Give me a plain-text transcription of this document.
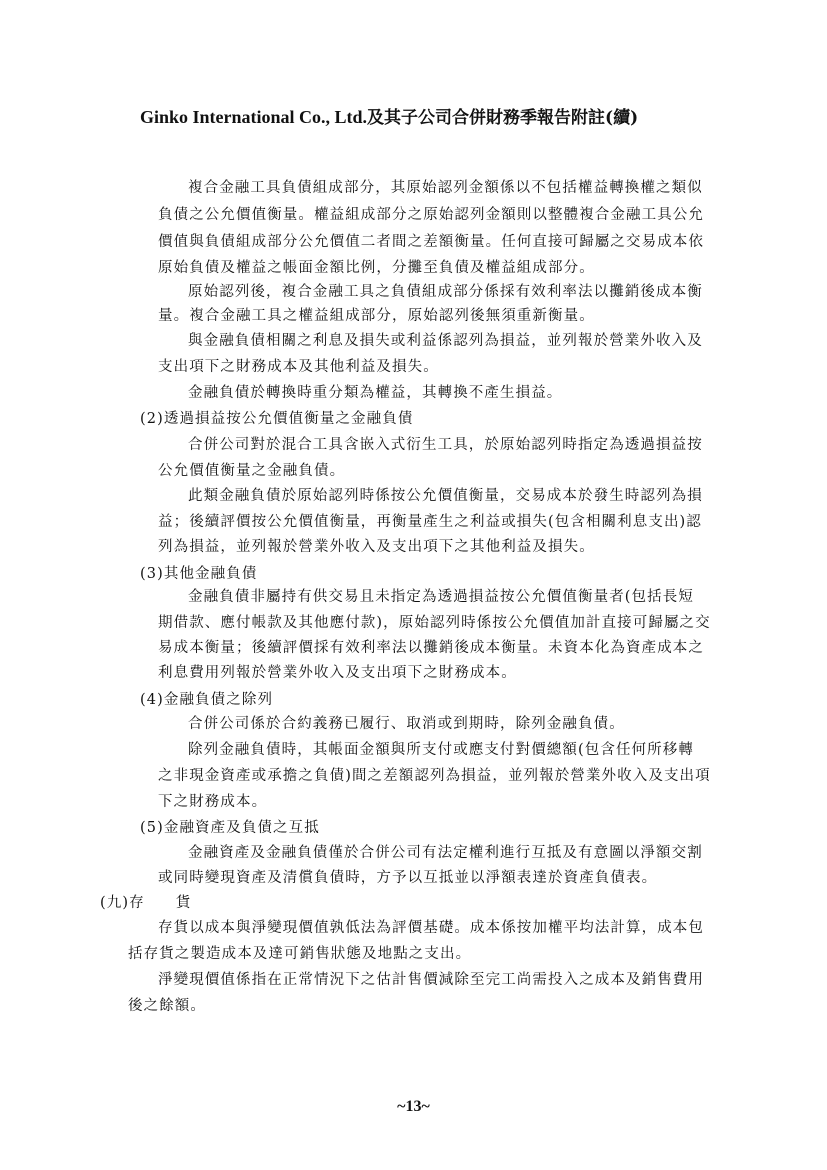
Ginko International Co., Ltd.及其子公司合併財務季報告附註(續)
複合金融工具負債組成部分，其原始認列金額係以不包括權益轉換權之類似
負債之公允價值衡量。權益組成部分之原始認列金額則以整體複合金融工具公允
價值與負債組成部分公允價值二者間之差額衡量。任何直接可歸屬之交易成本依
原始負債及權益之帳面金額比例，分攤至負債及權益組成部分。
原始認列後，複合金融工具之負債組成部分係採有效利率法以攤銷後成本衡
量。複合金融工具之權益組成部分，原始認列後無須重新衡量。
與金融負債相關之利息及損失或利益係認列為損益，並列報於營業外收入及
支出項下之財務成本及其他利益及損失。
金融負債於轉換時重分類為權益，其轉換不產生損益。
(2)透過損益按公允價值衡量之金融負債
合併公司對於混合工具含嵌入式衍生工具，於原始認列時指定為透過損益按
公允價值衡量之金融負債。
此類金融負債於原始認列時係按公允價值衡量，交易成本於發生時認列為損
益；後續評價按公允價值衡量，再衡量產生之利益或損失(包含相關利息支出)認
列為損益，並列報於營業外收入及支出項下之其他利益及損失。
(3)其他金融負債
金融負債非屬持有供交易且未指定為透過損益按公允價值衡量者(包括長短
期借款、應付帳款及其他應付款)，原始認列時係按公允價值加計直接可歸屬之交
易成本衡量；後續評價採有效利率法以攤銷後成本衡量。未資本化為資產成本之
利息費用列報於營業外收入及支出項下之財務成本。
(4)金融負債之除列
合併公司係於合約義務已履行、取消或到期時，除列金融負債。
除列金融負債時，其帳面金額與所支付或應支付對價總額(包含任何所移轉
之非現金資產或承擔之負債)間之差額認列為損益，並列報於營業外收入及支出項
下之財務成本。
(5)金融資產及負債之互抵
金融資產及金融負債僅於合併公司有法定權利進行互抵及有意圖以淨額交割
或同時變現資產及清償負債時，方予以互抵並以淨額表達於資產負債表。
(九)存　　貨
存貨以成本與淨變現價值孰低法為評價基礎。成本係按加權平均法計算，成本包
括存貨之製造成本及達可銷售狀態及地點之支出。
淨變現價值係指在正常情況下之估計售價減除至完工尚需投入之成本及銷售費用
後之餘額。
~13~
